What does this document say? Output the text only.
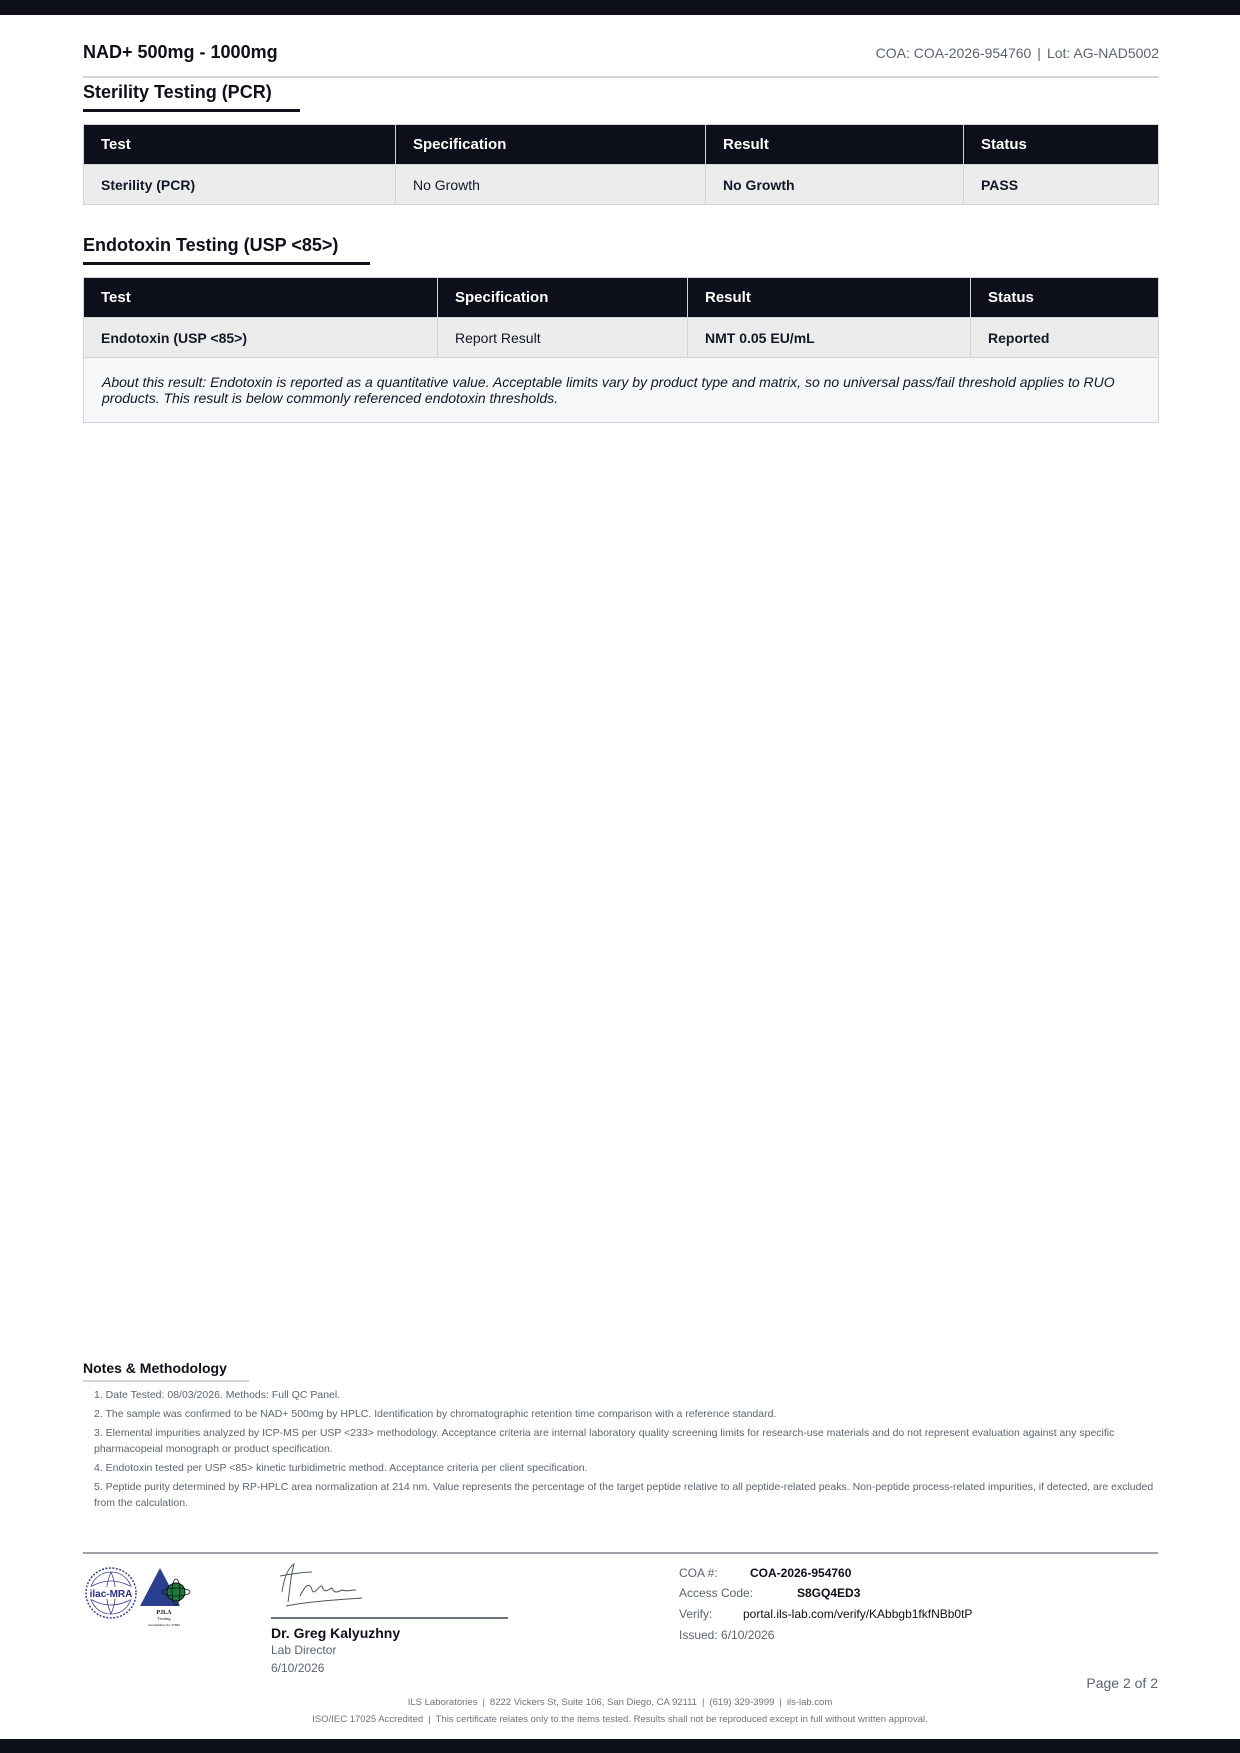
NAD+ 500mg - 1000mg	COA: COA-2026-954760 | Lot: AG-NAD5002
Sterility Testing (PCR)
Test	Specification	Result	Status
Sterility (PCR)	No Growth	No Growth	PASS
Endotoxin Testing (USP <85>)
Test	Specification	Result	Status
Endotoxin (USP <85>)	Report Result	NMT 0.05 EU/mL	Reported
About this result: Endotoxin is reported as a quantitative value. Acceptable limits vary by product type and matrix, so no universal pass/fail threshold applies to RUO products. This result is below commonly referenced endotoxin thresholds.			
Notes & Methodology
1. Date Tested: 08/03/2026. Methods: Full QC Panel.
2. The sample was confirmed to be NAD+ 500mg by HPLC. Identification by chromatographic retention time comparison with a reference standard.
3. Elemental impurities analyzed by ICP-MS per USP <233> methodology. Acceptance criteria are internal laboratory quality screening limits for research-use materials and do not represent evaluation against any specific pharmacopeial monograph or product specification.
4. Endotoxin tested per USP <85> kinetic turbidimetric method. Acceptance criteria per client specification.
5. Peptide purity determined by RP-HPLC area normalization at 214 nm. Value represents the percentage of the target peptide relative to all peptide-related peaks. Non-peptide process-related impurities, if detected, are excluded from the calculation.
ilac-MRA
PJLA
Testing
Accreditation No. 97862	Dr. Greg Kalyuzhny
Lab Director
6/10/2026
COA #:	COA-2026-954760
Access Code:	S8GQ4ED3
Verify:	portal.ils-lab.com/verify/KAbbgb1fkfNBb0tP
Issued: 6/10/2026
Page 2 of 2
ILS Laboratories | 8222 Vickers St, Suite 106, San Diego, CA 92111 | (619) 329-3999 | ils-lab.com
ISO/IEC 17025 Accredited | This certificate relates only to the items tested. Results shall not be reproduced except in full without written approval.
